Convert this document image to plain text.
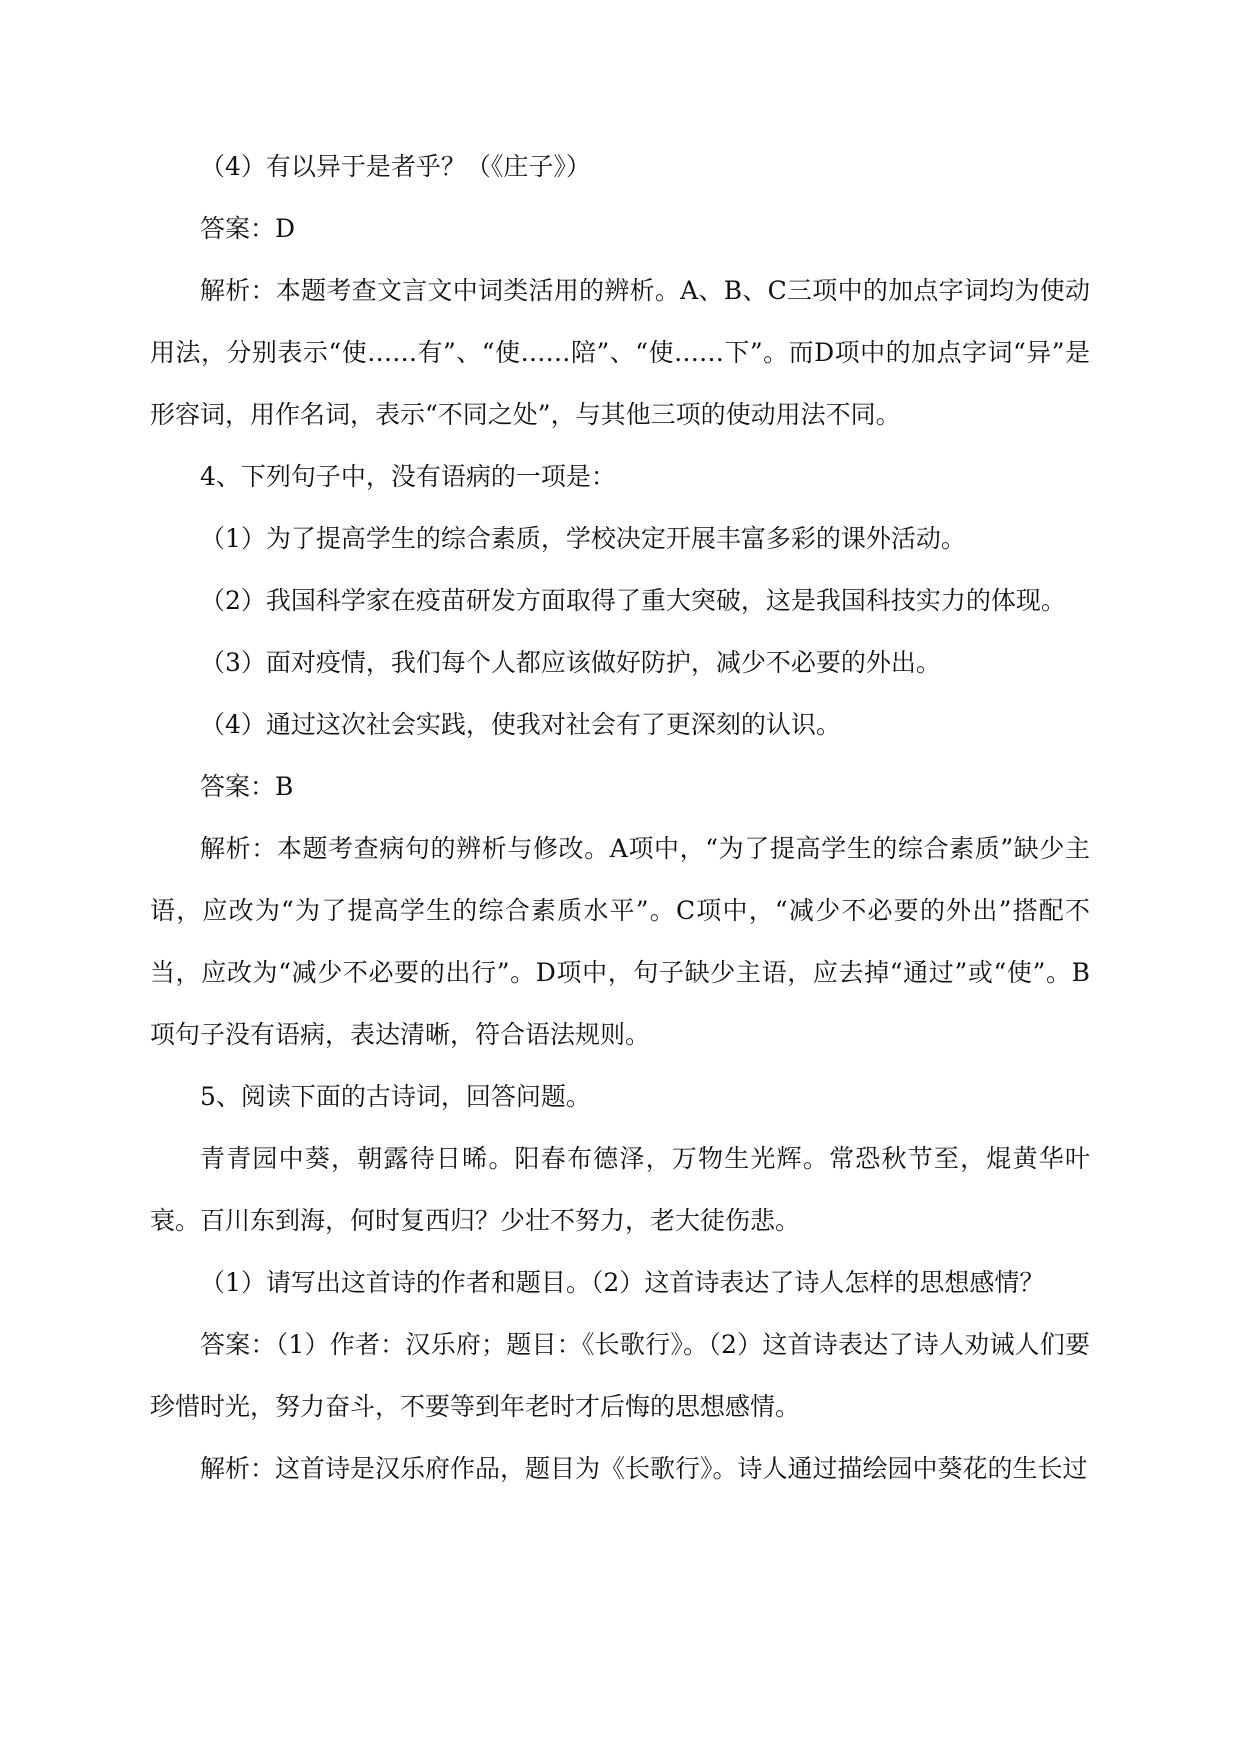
（4）有以异于是者乎？（《庄子》）

答案：D

解析：本题考查文言文中词类活用的辨析。A、B、C三项中的加点字词均为使动用法，分别表示“使……有”、“使……陪”、“使……下”。而D项中的加点字词“异”是形容词，用作名词，表示“不同之处”，与其他三项的使动用法不同。

4、下列句子中，没有语病的一项是：

（1）为了提高学生的综合素质，学校决定开展丰富多彩的课外活动。

（2）我国科学家在疫苗研发方面取得了重大突破，这是我国科技实力的体现。

（3）面对疫情，我们每个人都应该做好防护，减少不必要的外出。

（4）通过这次社会实践，使我对社会有了更深刻的认识。

答案：B

解析：本题考查病句的辨析与修改。A项中，“为了提高学生的综合素质”缺少主语，应改为“为了提高学生的综合素质水平”。C项中，“减少不必要的外出”搭配不当，应改为“减少不必要的出行”。D项中，句子缺少主语，应去掉“通过”或“使”。B项句子没有语病，表达清晰，符合语法规则。

5、阅读下面的古诗词，回答问题。

青青园中葵，朝露待日晞。阳春布德泽，万物生光辉。常恐秋节至，焜黄华叶衰。百川东到海，何时复西归？少壮不努力，老大徒伤悲。

（1）请写出这首诗的作者和题目。（2）这首诗表达了诗人怎样的思想感情？

答案：（1）作者：汉乐府；题目：《长歌行》。（2）这首诗表达了诗人劝诫人们要珍惜时光，努力奋斗，不要等到年老时才后悔的思想感情。

解析：这首诗是汉乐府作品，题目为《长歌行》。诗人通过描绘园中葵花的生长过
